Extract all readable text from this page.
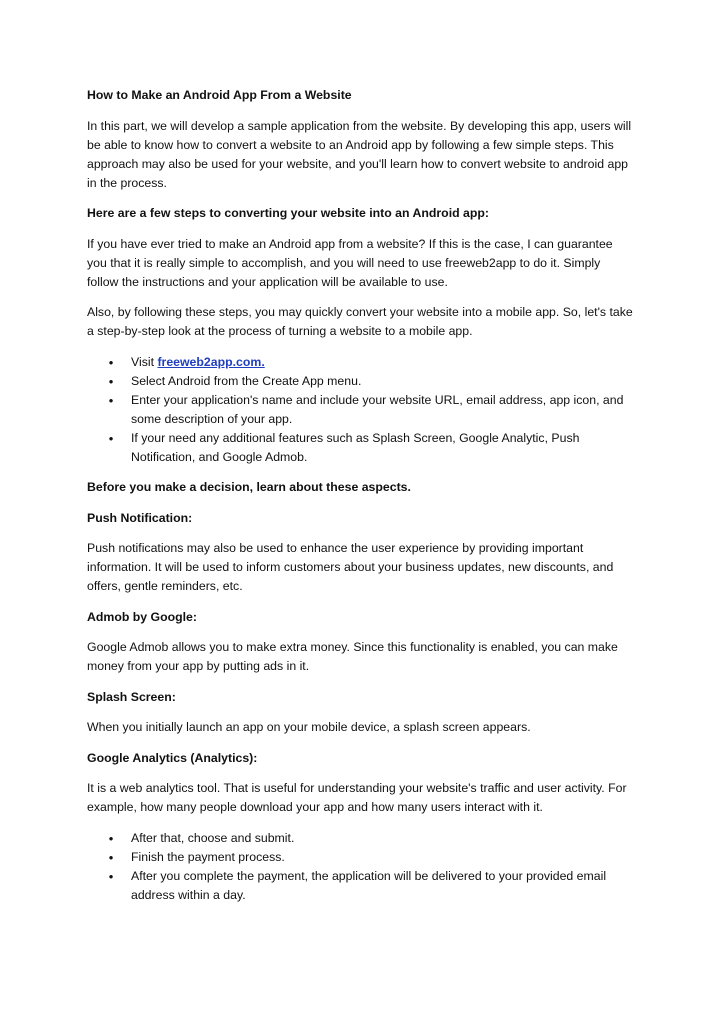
How to Make an Android App From a Website

In this part, we will develop a sample application from the website. By developing this app, users will be able to know how to convert a website to an Android app by following a few simple steps. This approach may also be used for your website, and you'll learn how to convert website to android app in the process.

Here are a few steps to converting your website into an Android app:

If you have ever tried to make an Android app from a website? If this is the case, I can guarantee you that it is really simple to accomplish, and you will need to use freeweb2app to do it. Simply follow the instructions and your application will be available to use.

Also, by following these steps, you may quickly convert your website into a mobile app. So, let's take a step-by-step look at the process of turning a website to a mobile app.

• Visit freeweb2app.com.
• Select Android from the Create App menu.
• Enter your application's name and include your website URL, email address, app icon, and some description of your app.
• If your need any additional features such as Splash Screen, Google Analytic, Push Notification, and Google Admob.
Before you make a decision, learn about these aspects.
Push Notification:

Push notifications may also be used to enhance the user experience by providing important information. It will be used to inform customers about your business updates, new discounts, and offers, gentle reminders, etc.

Admob by Google:

Google Admob allows you to make extra money. Since this functionality is enabled, you can make money from your app by putting ads in it.

Splash Screen:

When you initially launch an app on your mobile device, a splash screen appears.

Google Analytics (Analytics):

It is a web analytics tool. That is useful for understanding your website's traffic and user activity. For example, how many people download your app and how many users interact with it.

• After that, choose and submit.
• Finish the payment process.
• After you complete the payment, the application will be delivered to your provided email address within a day.
